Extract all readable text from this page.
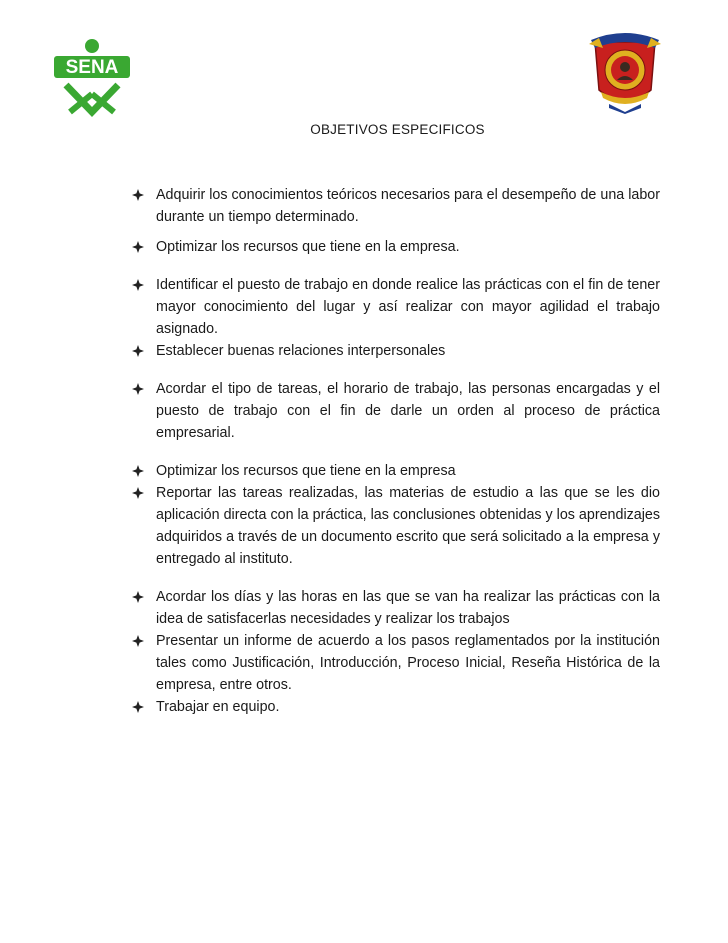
SENA
OBJETIVOS ESPECIFICOS
Adquirir los conocimientos teóricos necesarios para el desempeño de una labor durante un tiempo determinado.
Optimizar los recursos que tiene en la empresa.
Identificar el puesto de trabajo en donde realice las prácticas con el fin de tener mayor conocimiento del lugar y así realizar con mayor agilidad el trabajo asignado.
Establecer buenas relaciones interpersonales
Acordar el tipo de tareas, el horario de trabajo, las personas encargadas y el puesto de trabajo con el fin de darle un orden al proceso de práctica empresarial.
Optimizar los recursos que tiene en la empresa
Reportar las tareas realizadas, las materias de estudio a las que se les dio aplicación directa con la práctica, las conclusiones obtenidas y los aprendizajes adquiridos a través de un documento escrito que será solicitado a la empresa y entregado al instituto.
Acordar los días y las horas en las que se van ha realizar las prácticas con la idea de satisfacerlas necesidades y realizar los trabajos
Presentar un informe de acuerdo a los pasos reglamentados por la institución tales como Justificación, Introducción, Proceso Inicial, Reseña Histórica de la empresa, entre otros.
Trabajar en equipo.
